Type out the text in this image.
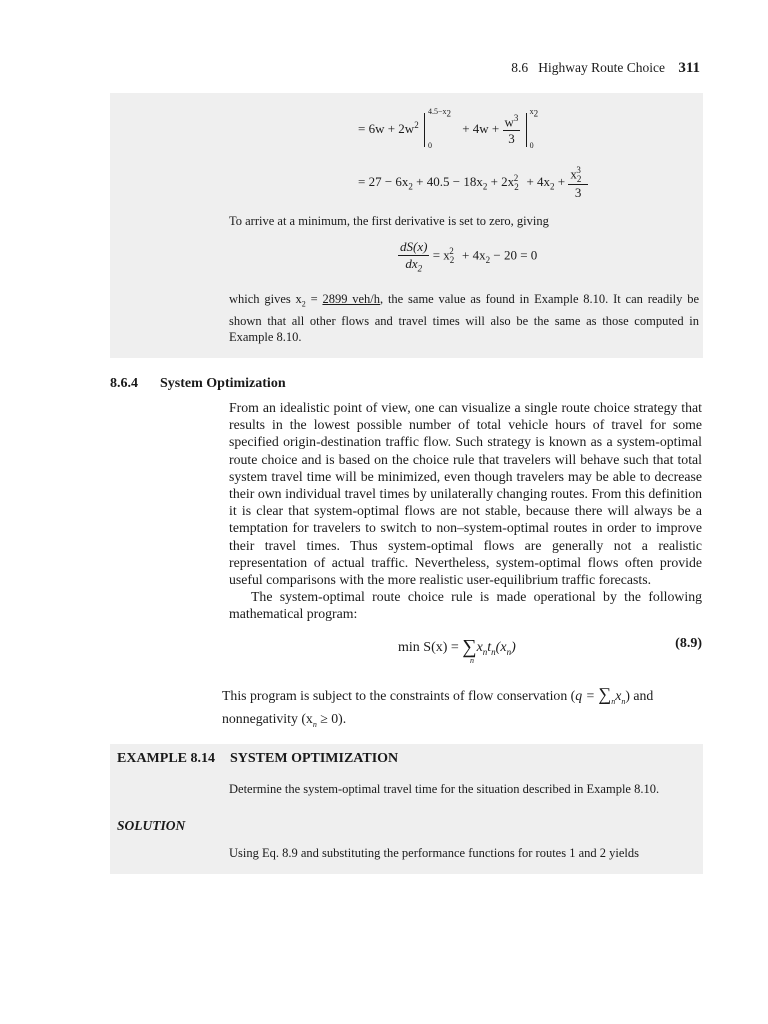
8.6 Highway Route Choice 311
= $6w + 2w^2$
$4.5-x_2$
0
+ $4w + \frac{w^3}{3}$

$x_2$
0
= $27 - 6x_2 + 40.5 - 18x_2 + 2x_2^2 + 4x_2 + \frac{x_2^3}{3}$
To arrive at a minimum, the first derivative is set to zero, giving
$\frac{dS(x)}{dx_2} = x_2^2 + 4x_2 - 20 = 0$
which gives $x_2 = 2899$ veh/h, the same value as found in Example 8.10. It can readily be shown that all other flows and travel times will also be the same as those computed in Example 8.10.
8.6.4 System Optimization

From an idealistic point of view, one can visualize a single route choice strategy that results in the lowest possible number of total vehicle hours of travel for some specified origin-destination traffic flow. Such strategy is known as a system-optimal route choice and is based on the choice rule that travelers will behave such that total system travel time will be minimized, even though travelers may be able to decrease their own individual travel times by unilaterally changing routes. From this definition it is clear that system-optimal flows are not stable, because there will always be a temptation for travelers to switch to non–system-optimal routes in order to improve their travel times. Thus system-optimal flows are generally not a realistic representation of actual traffic. Nevertheless, system-optimal flows often provide useful comparisons with the more realistic user-equilibrium traffic forecasts.

The system-optimal route choice rule is made operational by the following mathematical program:

$\min S(x) = \sum x_nt_n(x_n)$
n
(8.9)
This program is subject to the constraints of flow conservation $(q = \sum_nx_n)$ and
nonnegativity $(x_n \ge 0)$.
EXAMPLE 8.14 SYSTEM OPTIMIZATION
Determine the system-optimal travel time for the situation described in Example 8.10.
SOLUTION
Using Eq. 8.9 and substituting the performance functions for routes 1 and 2 yields
